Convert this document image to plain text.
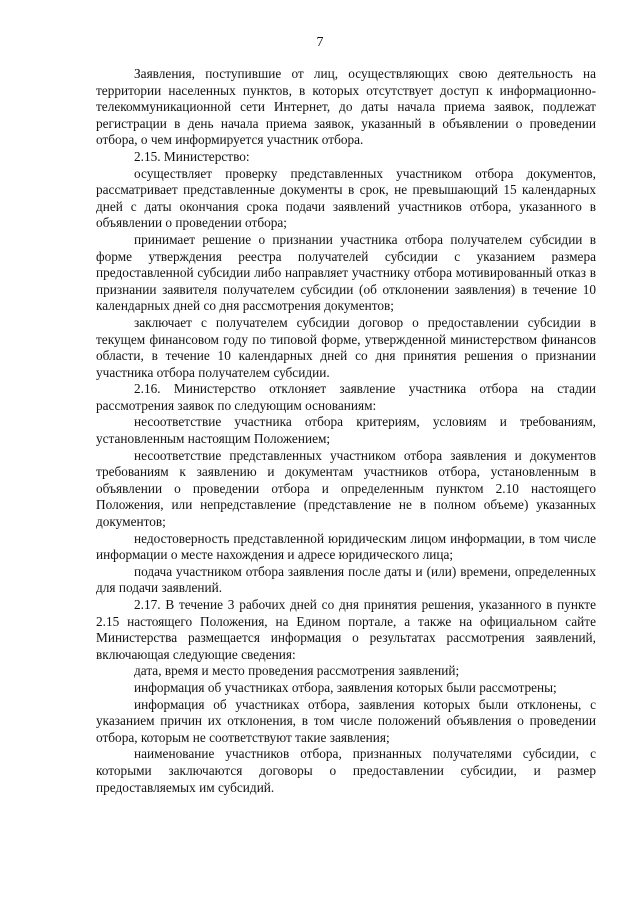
7

Заявления, поступившие от лиц, осуществляющих свою деятельность на территории населенных пунктов, в которых отсутствует доступ к информационно-телекоммуникационной сети Интернет, до даты начала приема заявок, подлежат регистрации в день начала приема заявок, указанный в объявлении о проведении отбора, о чем информируется участник отбора.

2.15. Министерство:

осуществляет проверку представленных участником отбора документов, рассматривает представленные документы в срок, не превышающий 15 календарных дней с даты окончания срока подачи заявлений участников отбора, указанного в объявлении о проведении отбора;

принимает решение о признании участника отбора получателем субсидии в форме утверждения реестра получателей субсидии с указанием размера предоставленной субсидии либо направляет участнику отбора мотивированный отказ в признании заявителя получателем субсидии (об отклонении заявления) в течение 10 календарных дней со дня рассмотрения документов;

заключает с получателем субсидии договор о предоставлении субсидии в текущем финансовом году по типовой форме, утвержденной министерством финансов области, в течение 10 календарных дней со дня принятия решения о признании участника отбора получателем субсидии.

2.16. Министерство отклоняет заявление участника отбора на стадии рассмотрения заявок по следующим основаниям:

несоответствие участника отбора критериям, условиям и требованиям, установленным настоящим Положением;

несоответствие представленных участником отбора заявления и документов требованиям к заявлению и документам участников отбора, установленным в объявлении о проведении отбора и определенным пунктом 2.10 настоящего Положения, или непредставление (представление не в полном объеме) указанных документов;

недостоверность представленной юридическим лицом информации, в том числе информации о месте нахождения и адресе юридического лица;

подача участником отбора заявления после даты и (или) времени, определенных для подачи заявлений.

2.17. В течение 3 рабочих дней со дня принятия решения, указанного в пункте 2.15 настоящего Положения, на Едином портале, а также на официальном сайте Министерства размещается информация о результатах рассмотрения заявлений, включающая следующие сведения:

дата, время и место проведения рассмотрения заявлений;

информация об участниках отбора, заявления которых были рассмотрены;

информация об участниках отбора, заявления которых были отклонены, с указанием причин их отклонения, в том числе положений объявления о проведении отбора, которым не соответствуют такие заявления;

наименование участников отбора, признанных получателями субсидии, с которыми заключаются договоры о предоставлении субсидии, и размер предоставляемых им субсидий.
